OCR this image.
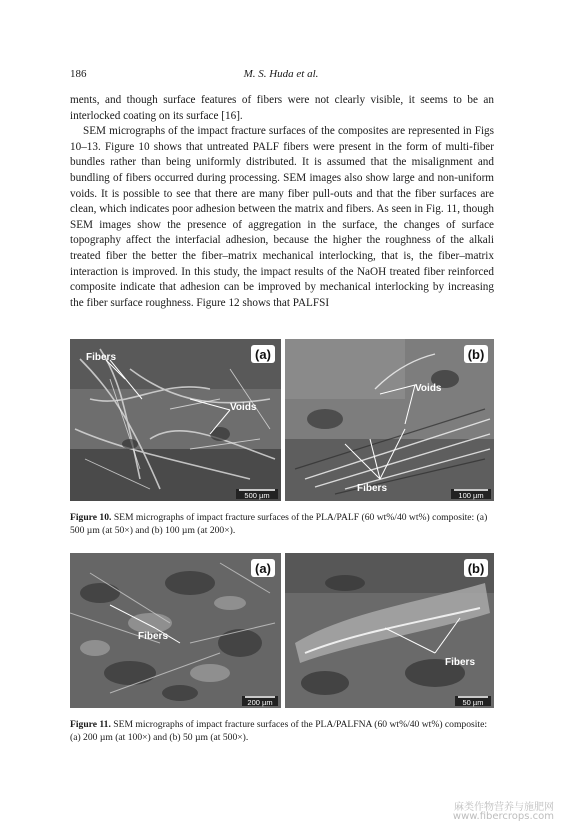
186	M. S. Huda et al.

ments, and though surface features of fibers were not clearly visible, it seems to be an interlocked coating on its surface [16].

SEM micrographs of the impact fracture surfaces of the composites are represented in Figs 10–13. Figure 10 shows that untreated PALF fibers were present in the form of multi-fiber bundles rather than being uniformly distributed. It is assumed that the misalignment and bundling of fibers occurred during processing. SEM images also show large and non-uniform voids. It is possible to see that there are many fiber pull-outs and that the fiber surfaces are clean, which indicates poor adhesion between the matrix and fibers. As seen in Fig. 11, though SEM images show the presence of aggregation in the surface, the changes of surface topography affect the interfacial adhesion, because the higher the roughness of the alkali treated fiber the better the fiber–matrix mechanical interlocking, that is, the fiber–matrix interaction is improved. In this study, the impact results of the NaOH treated fiber reinforced composite indicate that adhesion can be improved by mechanical interlocking by increasing the fiber surface roughness. Figure 12 shows that PALFSI

(a)
Fibers
Voids
500 µm
(b)
Voids
Fibers
100 µm
Figure 10. SEM micrographs of impact fracture surfaces of the PLA/PALF (60 wt%/40 wt%) composite: (a) 500 µm (at 50×) and (b) 100 µm (at 200×).
(a)
Fibers
200 µm
(b)
Fibers
50 µm
Figure 11. SEM micrographs of impact fracture surfaces of the PLA/PALFNA (60 wt%/40 wt%) composite: (a) 200 µm (at 100×) and (b) 50 µm (at 500×).
麻类作物营养与施肥网
www.fibercrops.com
